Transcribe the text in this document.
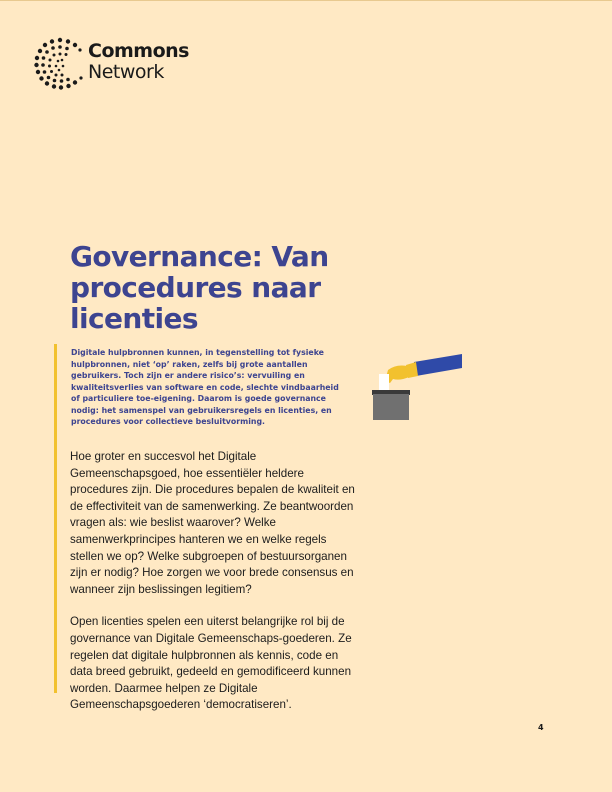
Commons
Network
Governance: Van procedures naar licenties

Digitale hulpbronnen kunnen, in tegenstelling tot fysieke hulpbronnen, niet ‘op’ raken, zelfs bij grote aantallen gebruikers. Toch zijn er andere risico’s: vervuiling en kwaliteitsverlies van software en code, slechte vindbaarheid of particuliere toe-eigening. Daarom is goede governance nodig: het samenspel van gebruikersregels en licenties, en procedures voor collectieve besluitvorming.

Hoe groter en succesvol het Digitale Gemeenschapsgoed, hoe essentiëler heldere procedures zijn. Die procedures bepalen de kwaliteit en de effectiviteit van de samenwerking. Ze beantwoorden vragen als: wie beslist waarover? Welke samenwerkprincipes hanteren we en welke regels stellen we op? Welke subgroepen of bestuursorganen zijn er nodig? Hoe zorgen we voor brede consensus en wanneer zijn beslissingen legitiem?

Open licenties spelen een uiterst belangrijke rol bij de governance van Digitale Gemeenschaps-goederen. Ze regelen dat digitale hulpbronnen als kennis, code en data breed gebruikt, gedeeld en gemodificeerd kunnen worden. Daarmee helpen ze Digitale Gemeenschapsgoederen ‘democratiseren’.

4
